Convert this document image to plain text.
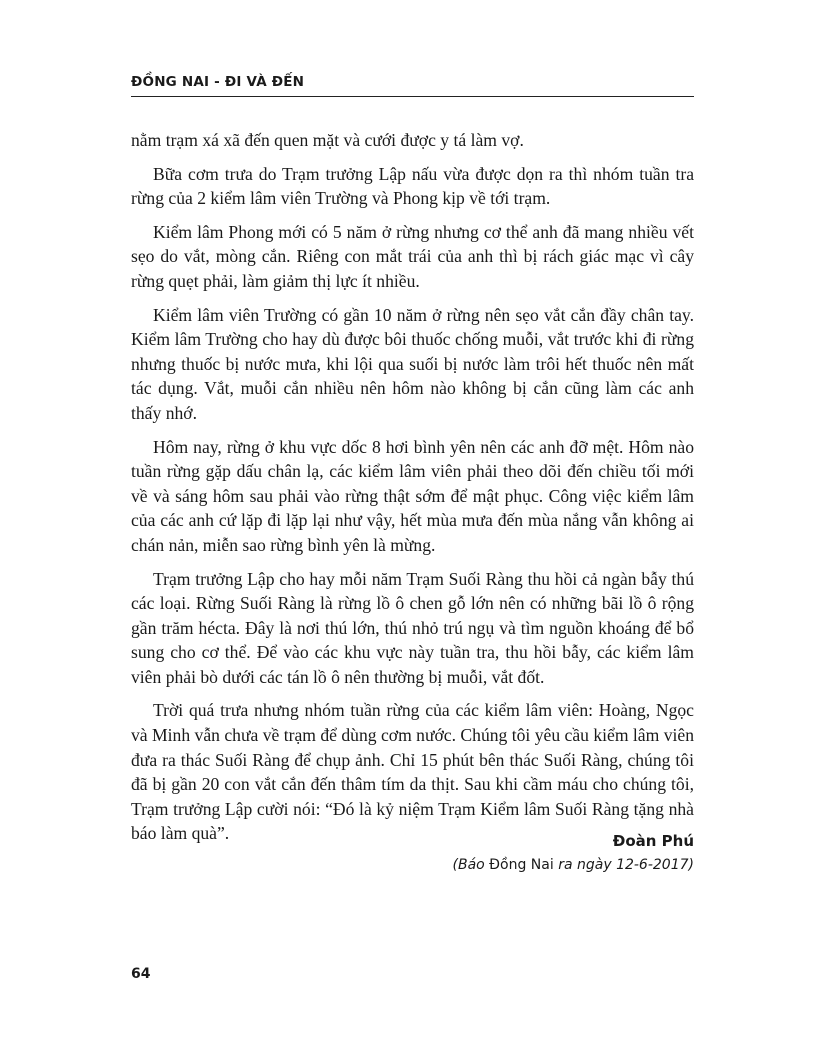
ĐỒNG NAI - ĐI VÀ ĐẾN

nằm trạm xá xã đến quen mặt và cưới được y tá làm vợ.

Bữa cơm trưa do Trạm trưởng Lập nấu vừa được dọn ra thì nhóm tuần tra rừng của 2 kiểm lâm viên Trường và Phong kịp về tới trạm.

Kiểm lâm Phong mới có 5 năm ở rừng nhưng cơ thể anh đã mang nhiều vết sẹo do vắt, mòng cắn. Riêng con mắt trái của anh thì bị rách giác mạc vì cây rừng quẹt phải, làm giảm thị lực ít nhiều.

Kiểm lâm viên Trường có gần 10 năm ở rừng nên sẹo vắt cắn đầy chân tay. Kiểm lâm Trường cho hay dù được bôi thuốc chống muỗi, vắt trước khi đi rừng nhưng thuốc bị nước mưa, khi lội qua suối bị nước làm trôi hết thuốc nên mất tác dụng. Vắt, muỗi cắn nhiều nên hôm nào không bị cắn cũng làm các anh thấy nhớ.

Hôm nay, rừng ở khu vực dốc 8 hơi bình yên nên các anh đỡ mệt. Hôm nào tuần rừng gặp dấu chân lạ, các kiểm lâm viên phải theo dõi đến chiều tối mới về và sáng hôm sau phải vào rừng thật sớm để mật phục. Công việc kiểm lâm của các anh cứ lặp đi lặp lại như vậy, hết mùa mưa đến mùa nắng vẫn không ai chán nản, miễn sao rừng bình yên là mừng.

Trạm trưởng Lập cho hay mỗi năm Trạm Suối Ràng thu hồi cả ngàn bẫy thú các loại. Rừng Suối Ràng là rừng lồ ô chen gỗ lớn nên có những bãi lồ ô rộng gần trăm hécta. Đây là nơi thú lớn, thú nhỏ trú ngụ và tìm nguồn khoáng để bổ sung cho cơ thể. Để vào các khu vực này tuần tra, thu hồi bẫy, các kiểm lâm viên phải bò dưới các tán lồ ô nên thường bị muỗi, vắt đốt.

Trời quá trưa nhưng nhóm tuần rừng của các kiểm lâm viên: Hoàng, Ngọc và Minh vẫn chưa về trạm để dùng cơm nước. Chúng tôi yêu cầu kiểm lâm viên đưa ra thác Suối Ràng để chụp ảnh. Chỉ 15 phút bên thác Suối Ràng, chúng tôi đã bị gần 20 con vắt cắn đến thâm tím da thịt. Sau khi cầm máu cho chúng tôi, Trạm trưởng Lập cười nói: “Đó là kỷ niệm Trạm Kiểm lâm Suối Ràng tặng nhà báo làm quà”.	Đoàn Phú
(Báo Đồng Nai ra ngày 12-6-2017)
64
